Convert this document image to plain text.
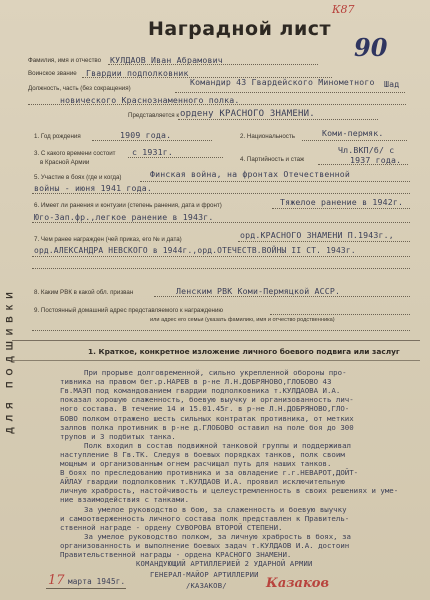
Наградной лист
К87
90
Фамилия, имя и отчество КУЛДАОВ Иван Абрамович
Воинское звание Гвардии подполковник
Должность, часть (без сокращения)
Командир 43 Гвардейского Минометного Шад
новического Краснознаменного полка.
Представляется к ордену КРАСНОГО ЗНАМЕНИ.
1. Год рождения	1909 года.	2. Национальность	Коми-пермяк.
3. С какого времени состоит
в Красной Армии
с 1931г.
4. Партийность и стаж
Чл.ВКП/б/ с
1937 года.
5. Участие в боях (где и когда)	Финская война, на фронтах Отечественной
войны - июня 1941 года.
6. Имеет ли ранения и контузии (степень ранения, дата и фронт)	Тяжелое ранение в 1942г.
Юго-Зап.фр.,легкое ранение в 1943г.
7. Чем ранее награжден (чей приказ, его № и дата)	орд.КРАСНОГО ЗНАМЕНИ П.1943г.,
орд.АЛЕКСАНДРА НЕВСКОГО в 1944г.,орд.ОТЕЧЕСТВ.ВОЙНЫ II СТ. 1943г.
8. Каким РВК в какой обл. призван	Ленским РВК Коми-Пермяцкой АССР.
9. Постоянный домашний адрес представляемого к награждению
или адрес его семьи (указать фамилию, имя и отчество родственника)
ДЛЯ ПОДШИВКИ	1. Краткое, конкретное изложение личного боевого подвига или заслуг
При прорыве долговременной, сильно укрепленной обороны про-
тивника на правом бег.р.НАРЕВ в р-не Л.Н.ДОБРЯНОВО,ГЛОБОВО 43
Гв.МАЭП под командованием гвардии подполковника т.КУЛДАОВА И.А.
показал хорошую слаженность, боевую выучку и организованность лич-
ного состава. В течение 14 и 15.01.45г. в р-не Л.Н.ДОБРЯНОВО,ГЛО-
БОВО полком отражено шесть сильных контратак противника, от метких
залпов полка противник в р-не д.ГЛОБОВО оставил на поле боя до 300
трупов и 3 подбитых танка.
Полк входил в состав подвижной танковой группы и поддерживал
наступление 8 Гв.ТК. Следуя в боевых порядках танков, полк своим
мощным и организованным огнем расчищал путь для наших танков.
В боях по преследованию противника и за овладение г.г.НЕВАРОТ,ДОЙТ-
АЙЛАУ гвардии подполковник т.КУЛДАОВ И.А. проявил исключительную
личную храбрость, настойчивость и целеустремленность в своих решениях и уме-
ние взаимодействия с танками.
За умелое руководство в бою, за слаженность и боевую выучку
и самоотверженность личного состава полк представлен к Правитель-
ственной награде - ордену СУВОРОВА ВТОРОЙ СТЕПЕНИ.
За умелое руководство полком, за личную храбрость в боях, за
организованность и выполнение боевых задач т.КУЛДАОВ И.А. достоин
Правительственной награды - ордена КРАСНОГО ЗНАМЕНИ.
17 марта 1945г.
КОМАНДУЮЩИЙ АРТИЛЛЕРИЕЙ 2 УДАРНОЙ АРМИИ
ГЕНЕРАЛ-МАЙОР АРТИЛЛЕРИИ
/КАЗАКОВ/	Казаков
